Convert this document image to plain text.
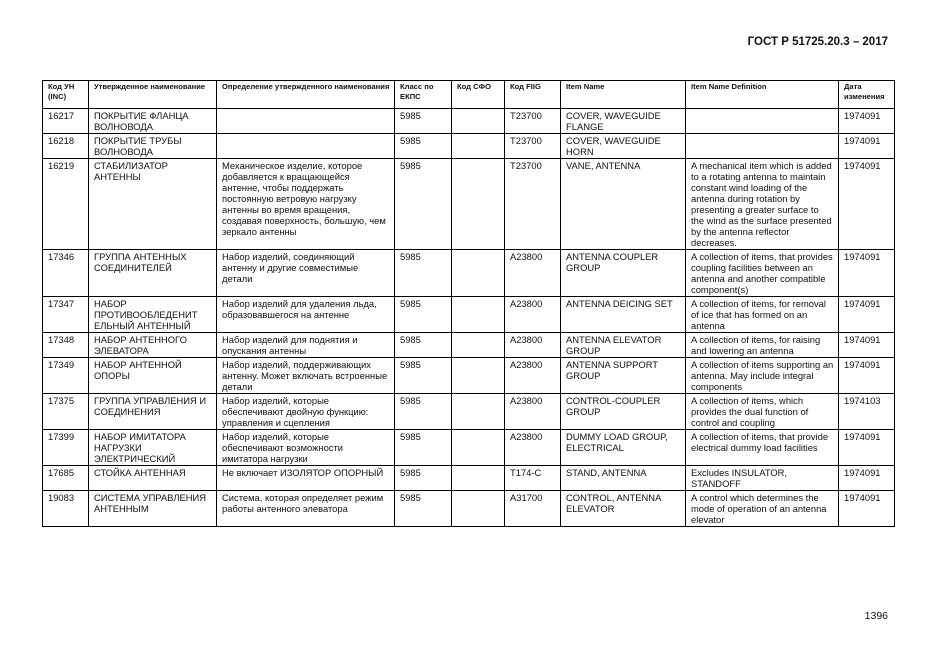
ГОСТ Р 51725.20.3 – 2017
Код УН (INC)	Утвержденное наименование	Определение утвержденного наименования	Класс по ЕКПС	Код СФО	Код FIIG	Item Name	Item Name Definition	Дата изменения
16217	ПОКРЫТИЕ ФЛАНЦА ВОЛНОВОДА		5985		T23700	COVER, WAVEGUIDE FLANGE		1974091
16218	ПОКРЫТИЕ ТРУБЫ ВОЛНОВОДА		5985		T23700	COVER, WAVEGUIDE HORN		1974091
16219	СТАБИЛИЗАТОР АНТЕННЫ	Механическое изделие, которое добавляется к вращающейся антенне, чтобы поддержать постоянную ветровую нагрузку антенны во время вращения, создавая поверхность, большую, чем зеркало антенны	5985		T23700	VANE, ANTENNA	A mechanical item which is added to a rotating antenna to maintain constant wind loading of the antenna during rotation by presenting a greater surface to the wind as the surface presented by the antenna reflector decreases.	1974091
17346	ГРУППА АНТЕННЫХ СОЕДИНИТЕЛЕЙ	Набор изделий, соединяющий антенну и другие совместимые детали	5985		A23800	ANTENNA COUPLER GROUP	A collection of items, that provides coupling facilities between an antenna and another compatible component(s)	1974091
17347	НАБОР ПРОТИВООБЛЕДЕНИТ ЕЛЬНЫЙ АНТЕННЫЙ	Набор изделий для удаления льда, образовавшегося на антенне	5985		A23800	ANTENNA DEICING SET	A collection of items, for removal of ice that has formed on an antenna	1974091
17348	НАБОР АНТЕННОГО ЭЛЕВАТОРА	Набор изделий для поднятия и опускания антенны	5985		A23800	ANTENNA ELEVATOR GROUP	A collection of items, for raising and lowering an antenna	1974091
17349	НАБОР АНТЕННОЙ ОПОРЫ	Набор изделий, поддерживающих антенну. Может включать встроенные детали	5985		A23800	ANTENNA SUPPORT GROUP	A collection of items supporting an antenna. May include integral components	1974091
17375	ГРУППА УПРАВЛЕНИЯ И СОЕДИНЕНИЯ	Набор изделий, которые обеспечивают двойную функцию: управления и сцепления	5985		A23800	CONTROL-COUPLER GROUP	A collection of items, which provides the dual function of control and coupling	1974103
17399	НАБОР ИМИТАТОРА НАГРУЗКИ ЭЛЕКТРИЧЕСКИЙ	Набор изделий, которые обеспечивают возможности имитатора нагрузки	5985		A23800	DUMMY LOAD GROUP, ELECTRICAL	A collection of items, that provide electrical dummy load facilities	1974091
17685	СТОЙКА АНТЕННАЯ	Не включает ИЗОЛЯТОР ОПОРНЫЙ	5985		T174-C	STAND, ANTENNA	Excludes INSULATOR, STANDOFF	1974091
19083	СИСТЕМА УПРАВЛЕНИЯ АНТЕННЫМ	Система, которая определяет режим работы антенного элеватора	5985		A31700	CONTROL, ANTENNA ELEVATOR	A control which determines the mode of operation of an antenna elevator	1974091
1396
